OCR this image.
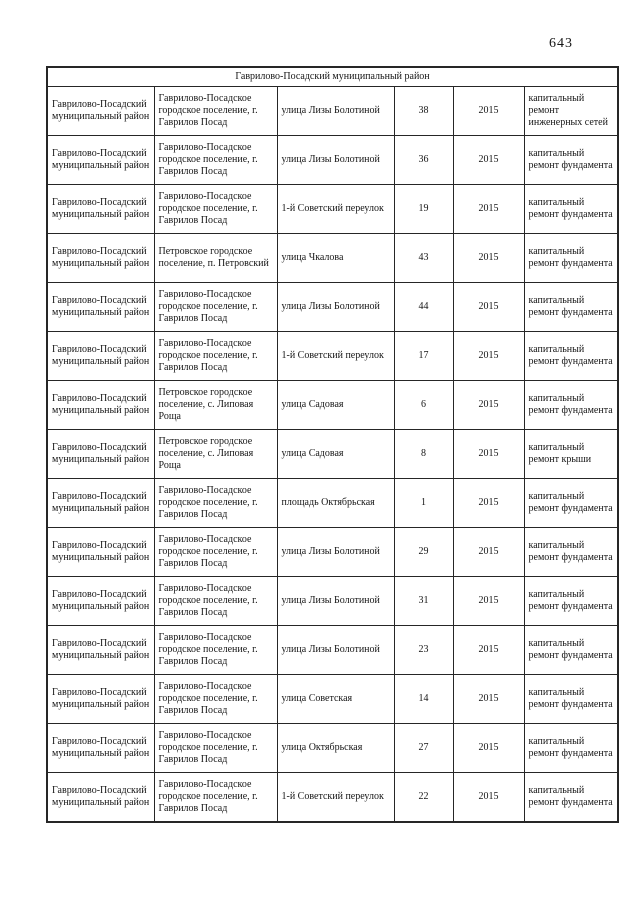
643
Гаврилово-Посадский муниципальный район					
Гаврилово-Посадский муниципальный район	Гаврилово-Посадское городское поселение, г. Гаврилов Посад	улица Лизы Болотиной	38	2015	капитальный ремонт инженерных сетей
Гаврилово-Посадский муниципальный район	Гаврилово-Посадское городское поселение, г. Гаврилов Посад	улица Лизы Болотиной	36	2015	капитальный ремонт фундамента
Гаврилово-Посадский муниципальный район	Гаврилово-Посадское городское поселение, г. Гаврилов Посад	1-й Советский переулок	19	2015	капитальный ремонт фундамента
Гаврилово-Посадский муниципальный район	Петровское городское поселение, п. Петровский	улица Чкалова	43	2015	капитальный ремонт фундамента
Гаврилово-Посадский муниципальный район	Гаврилово-Посадское городское поселение, г. Гаврилов Посад	улица Лизы Болотиной	44	2015	капитальный ремонт фундамента
Гаврилово-Посадский муниципальный район	Гаврилово-Посадское городское поселение, г. Гаврилов Посад	1-й Советский переулок	17	2015	капитальный ремонт фундамента
Гаврилово-Посадский муниципальный район	Петровское городское поселение, с. Липовая Роща	улица Садовая	6	2015	капитальный ремонт фундамента
Гаврилово-Посадский муниципальный район	Петровское городское поселение, с. Липовая Роща	улица Садовая	8	2015	капитальный ремонт крыши
Гаврилово-Посадский муниципальный район	Гаврилово-Посадское городское поселение, г. Гаврилов Посад	площадь Октябрьская	1	2015	капитальный ремонт фундамента
Гаврилово-Посадский муниципальный район	Гаврилово-Посадское городское поселение, г. Гаврилов Посад	улица Лизы Болотиной	29	2015	капитальный ремонт фундамента
Гаврилово-Посадский муниципальный район	Гаврилово-Посадское городское поселение, г. Гаврилов Посад	улица Лизы Болотиной	31	2015	капитальный ремонт фундамента
Гаврилово-Посадский муниципальный район	Гаврилово-Посадское городское поселение, г. Гаврилов Посад	улица Лизы Болотиной	23	2015	капитальный ремонт фундамента
Гаврилово-Посадский муниципальный район	Гаврилово-Посадское городское поселение, г. Гаврилов Посад	улица Советская	14	2015	капитальный ремонт фундамента
Гаврилово-Посадский муниципальный район	Гаврилово-Посадское городское поселение, г. Гаврилов Посад	улица Октябрьская	27	2015	капитальный ремонт фундамента
Гаврилово-Посадский муниципальный район	Гаврилово-Посадское городское поселение, г. Гаврилов Посад	1-й Советский переулок	22	2015	капитальный ремонт фундамента
